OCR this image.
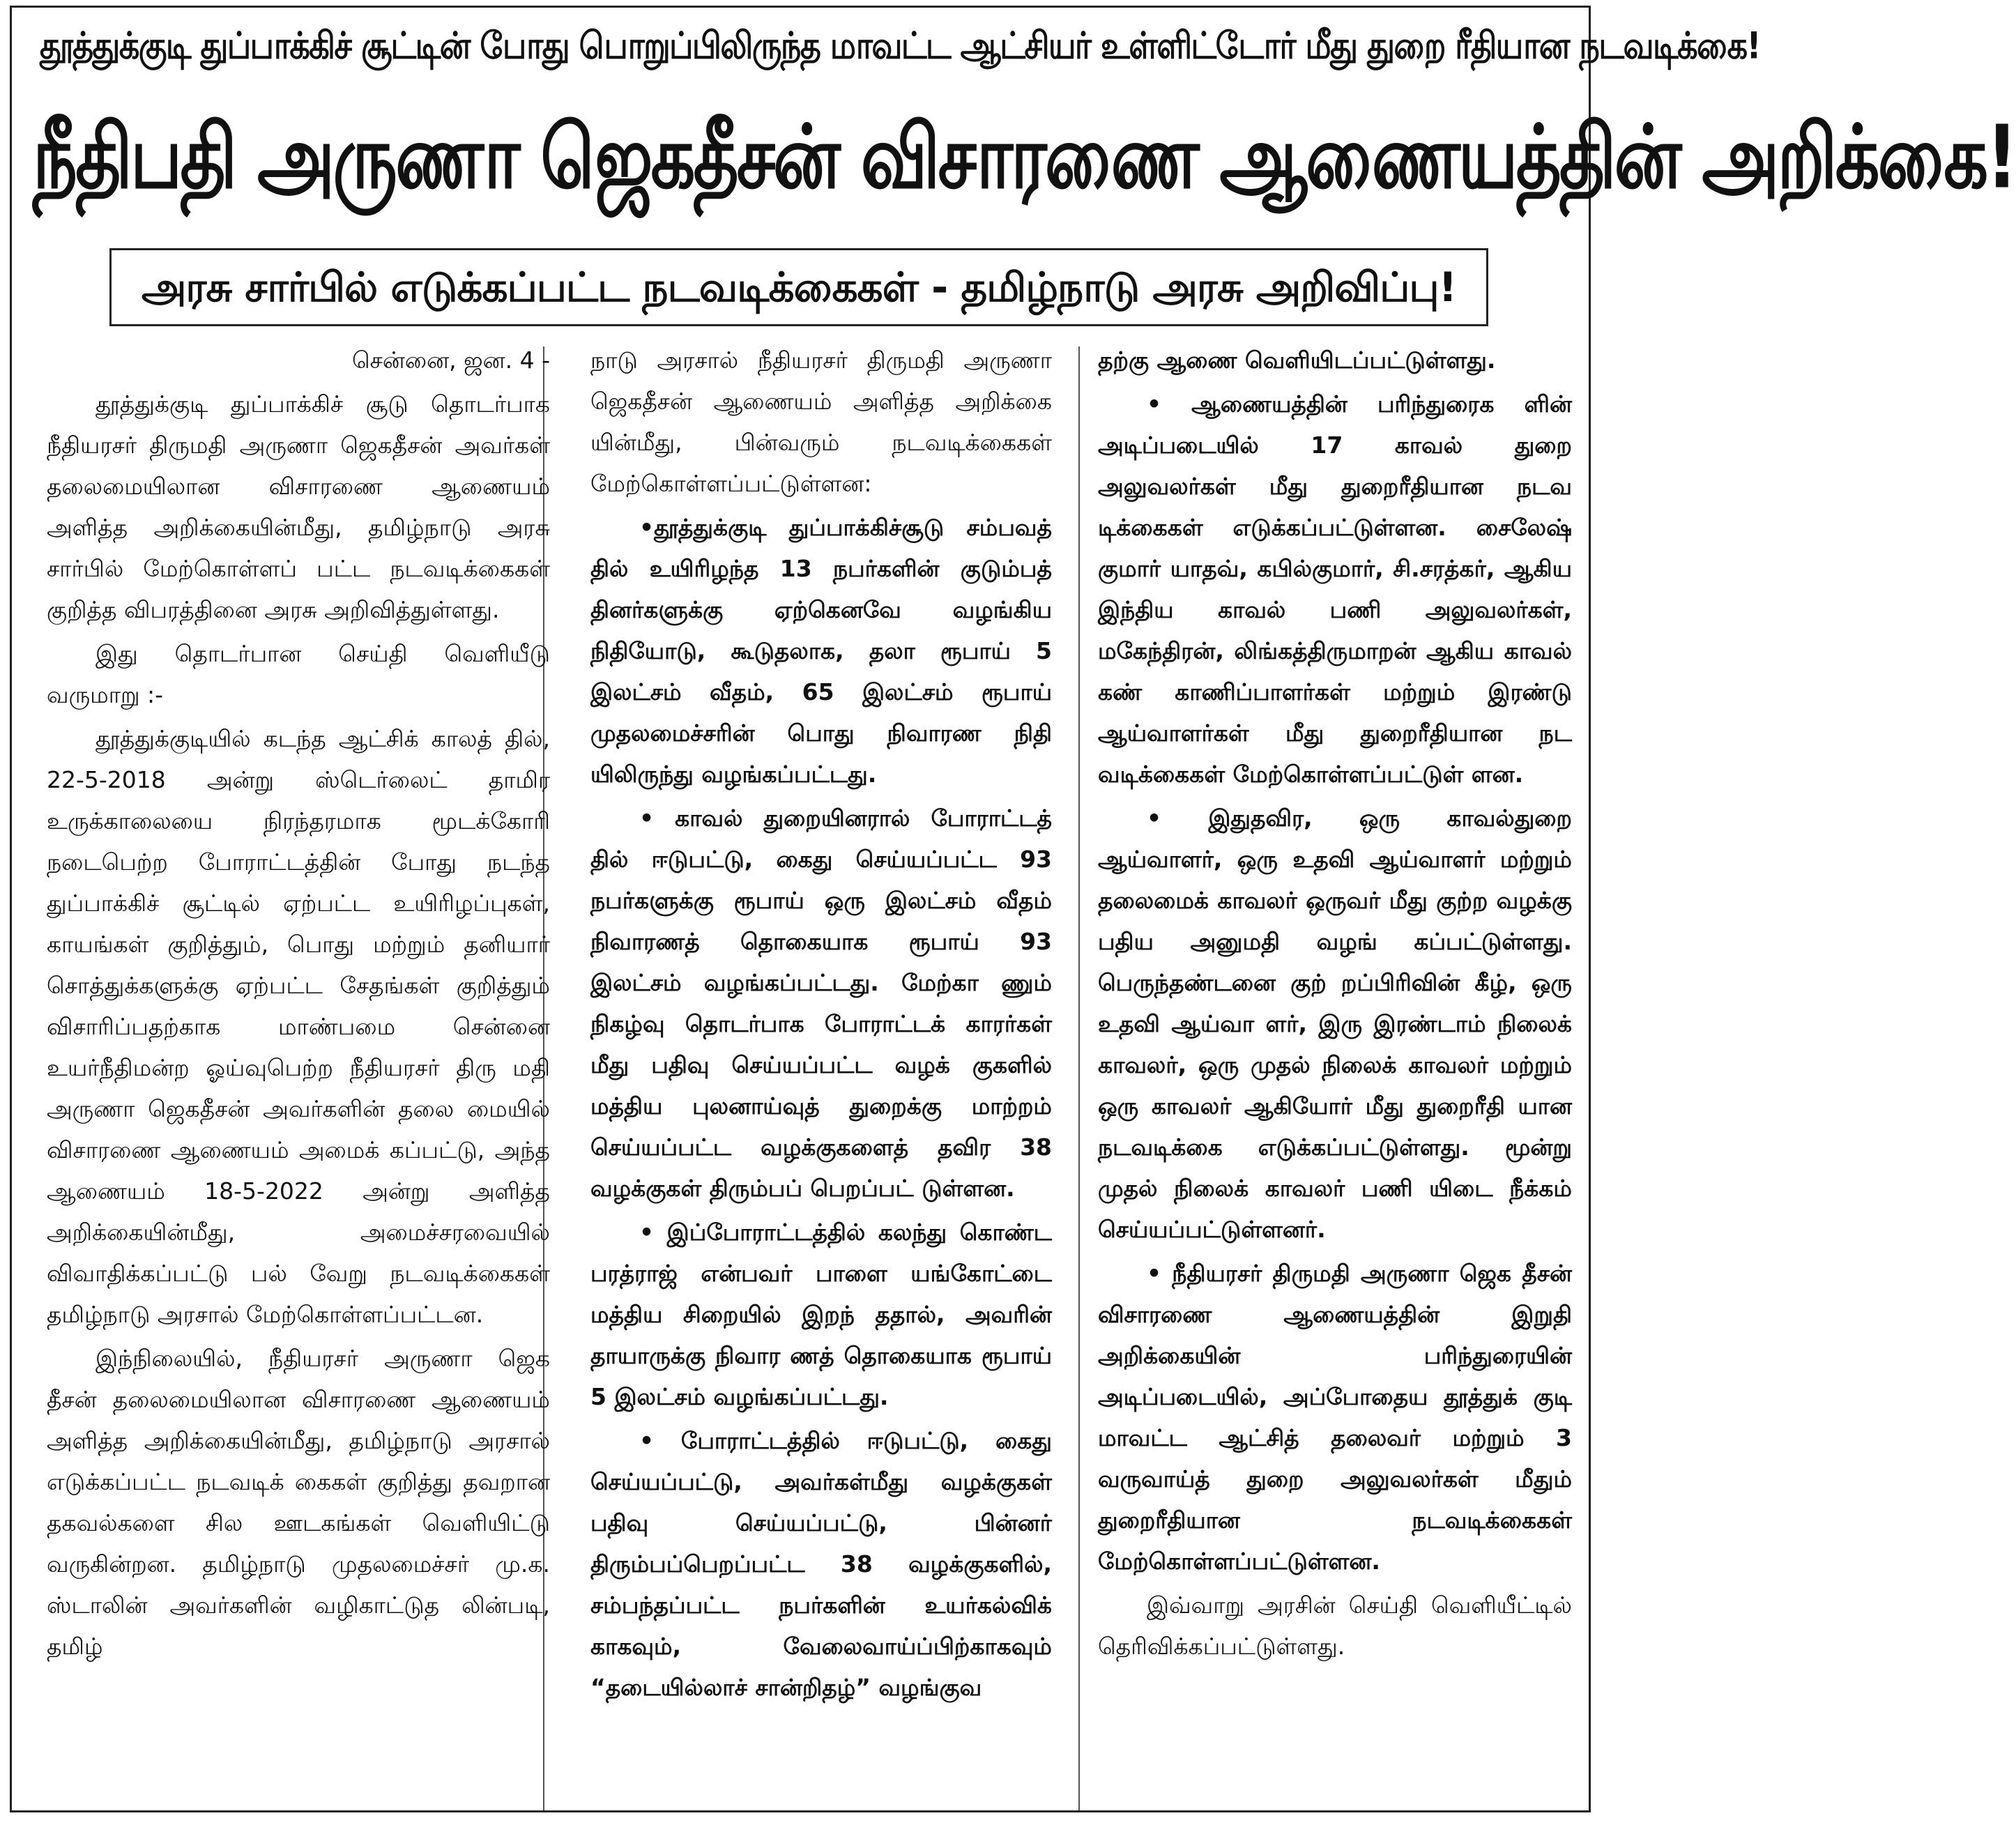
தூத்துக்குடி துப்பாக்கிச் சூட்டின் போது பொறுப்பிலிருந்த மாவட்ட ஆட்சியர் உள்ளிட்டோர் மீது துறை ரீதியான நடவடிக்கை!
நீதிபதி அருணா ஜெகதீசன் விசாரணை ஆணையத்தின் அறிக்கை!
அரசு சார்பில் எடுக்கப்பட்ட நடவடிக்கைகள் - தமிழ்நாடு அரசு அறிவிப்பு!

சென்னை, ஜன. 4 -

தூத்துக்குடி துப்பாக்கிச் சூடு தொடர்பாக நீதியரசர் திருமதி அருணா ஜெகதீசன் அவர்கள் தலைமையிலான விசாரணை ஆணையம் அளித்த அறிக்கையின்மீது, தமிழ்நாடு அரசு சார்பில் மேற்கொள்ளப் பட்ட நடவடிக்கைகள் குறித்த விபரத்தினை அரசு அறிவித்துள்ளது.

இது தொடர்பான செய்தி வெளியீடு வருமாறு :-

தூத்துக்குடியில் கடந்த ஆட்சிக் காலத் தில், 22-5-2018 அன்று ஸ்டெர்லைட் தாமிர உருக்காலையை நிரந்தரமாக மூடக்கோரி நடைபெற்ற போராட்டத்தின் போது நடந்த துப்பாக்கிச் சூட்டில் ஏற்பட்ட உயிரிழப்புகள், காயங்கள் குறித்தும், பொது மற்றும் தனியார் சொத்துக்களுக்கு ஏற்பட்ட சேதங்கள் குறித்தும் விசாரிப்பதற்காக மாண்பமை சென்னை உயர்நீதிமன்ற ஓய்வுபெற்ற நீதியரசர் திரு மதி அருணா ஜெகதீசன் அவர்களின் தலை மையில் விசாரணை ஆணையம் அமைக் கப்பட்டு, அந்த ஆணையம் 18-5-2022 அன்று அளித்த அறிக்கையின்மீது, அமைச்சரவையில் விவாதிக்கப்பட்டு பல் வேறு நடவடிக்கைகள் தமிழ்நாடு அரசால் மேற்கொள்ளப்பட்டன.

இந்நிலையில், நீதியரசர் அருணா ஜெக தீசன் தலைமையிலான விசாரணை ஆணையம் அளித்த அறிக்கையின்மீது, தமிழ்நாடு அரசால் எடுக்கப்பட்ட நடவடிக் கைகள் குறித்து தவறான தகவல்களை சில ஊடகங்கள் வெளியிட்டு வருகின்றன. தமிழ்நாடு முதலமைச்சர் மு.க. ஸ்டாலின் அவர்களின் வழிகாட்டுத லின்படி, தமிழ்

நாடு அரசால் நீதியரசர் திருமதி அருணா ஜெகதீசன் ஆணையம் அளித்த அறிக்கை யின்மீது, பின்வரும் நடவடிக்கைகள் மேற்கொள்ளப்பட்டுள்ளன:

•தூத்துக்குடி துப்பாக்கிச்சூடு சம்பவத் தில் உயிரிழந்த 13 நபர்களின் குடும்பத் தினர்களுக்கு ஏற்கெனவே வழங்கிய நிதியோடு, கூடுதலாக, தலா ரூபாய் 5 இலட்சம் வீதம், 65 இலட்சம் ரூபாய் முதலமைச்சரின் பொது நிவாரண நிதி யிலிருந்து வழங்கப்பட்டது.

• காவல் துறையினரால் போராட்டத் தில் ஈடுபட்டு, கைது செய்யப்பட்ட 93 நபர்களுக்கு ரூபாய் ஒரு இலட்சம் வீதம் நிவாரணத் தொகையாக ரூபாய் 93 இலட்சம் வழங்கப்பட்டது. மேற்கா ணும் நிகழ்வு தொடர்பாக போராட்டக் காரர்கள் மீது பதிவு செய்யப்பட்ட வழக் குகளில் மத்திய புலனாய்வுத் துறைக்கு மாற்றம் செய்யப்பட்ட வழக்குகளைத் தவிர 38 வழக்குகள் திரும்பப் பெறப்பட் டுள்ளன.

• இப்போராட்டத்தில் கலந்து கொண்ட பரத்ராஜ் என்பவர் பாளை யங்கோட்டை மத்திய சிறையில் இறந் ததால், அவரின் தாயாருக்கு நிவார ணத் தொகையாக ரூபாய் 5 இலட்சம் வழங்கப்பட்டது.

• போராட்டத்தில் ஈடுபட்டு, கைது செய்யப்பட்டு, அவர்கள்மீது வழக்குகள் பதிவு செய்யப்பட்டு, பின்னர் திரும்பப்பெறப்பட்ட 38 வழக்குகளில், சம்பந்தப்பட்ட நபர்களின் உயர்கல்விக் காகவும், வேலைவாய்ப்பிற்காகவும் “தடையில்லாச் சான்றிதழ்” வழங்குவ

தற்கு ஆணை வெளியிடப்பட்டுள்ளது.

• ஆணையத்தின் பரிந்துரைக ளின் அடிப்படையில் 17 காவல் துறை அலுவலர்கள் மீது துறைரீதியான நடவ டிக்கைகள் எடுக்கப்பட்டுள்ளன. சைலேஷ் குமார் யாதவ், கபில்குமார், சி.சரத்கர், ஆகிய இந்திய காவல் பணி அலுவலர்கள், மகேந்திரன், லிங்கத்திருமாறன் ஆகிய காவல் கண் காணிப்பாளர்கள் மற்றும் இரண்டு ஆய்வாளர்கள் மீது துறைரீதியான நட வடிக்கைகள் மேற்கொள்ளப்பட்டுள் ளன.

• இதுதவிர, ஒரு காவல்துறை ஆய்வாளர், ஒரு உதவி ஆய்வாளர் மற்றும் தலைமைக் காவலர் ஒருவர் மீது குற்ற வழக்கு பதிய அனுமதி வழங் கப்பட்டுள்ளது. பெருந்தண்டனை குற் றப்பிரிவின் கீழ், ஒரு உதவி ஆய்வா ளர், இரு இரண்டாம் நிலைக் காவலர், ஒரு முதல் நிலைக் காவலர் மற்றும் ஒரு காவலர் ஆகியோர் மீது துறைரீதி யான நடவடிக்கை எடுக்கப்பட்டுள்ளது. மூன்று முதல் நிலைக் காவலர் பணி யிடை நீக்கம் செய்யப்பட்டுள்ளனர்.

• நீதியரசர் திருமதி அருணா ஜெக தீசன் விசாரணை ஆணையத்தின் இறுதி அறிக்கையின் பரிந்துரையின் அடிப்படையில், அப்போதைய தூத்துக் குடி மாவட்ட ஆட்சித் தலைவர் மற்றும் 3 வருவாய்த் துறை அலுவலர்கள் மீதும் துறைரீதியான நடவடிக்கைகள் மேற்கொள்ளப்பட்டுள்ளன.

இவ்வாறு அரசின் செய்தி வெளியீட்டில் தெரிவிக்கப்பட்டுள்ளது.
